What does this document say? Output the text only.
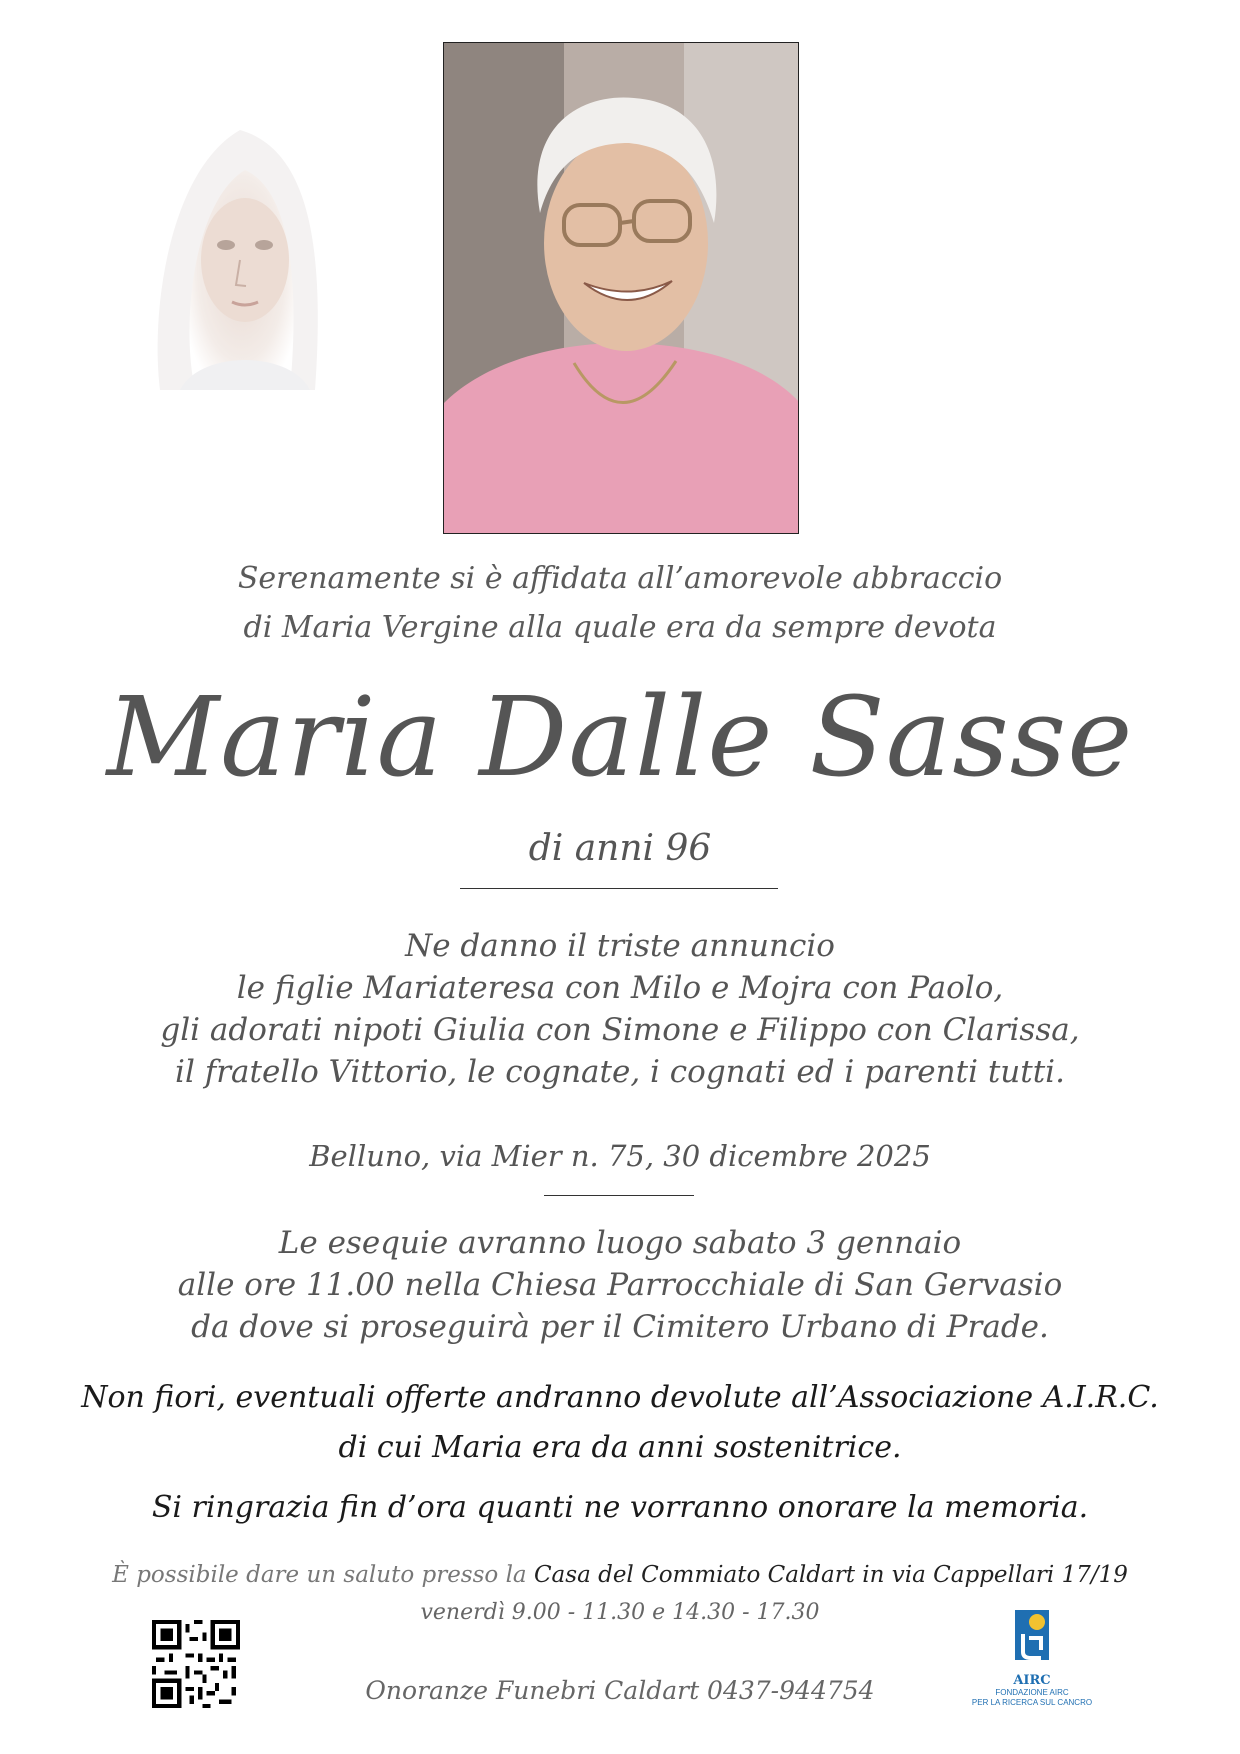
Serenamente si è affidata all’amorevole abbraccio
di Maria Vergine alla quale era da sempre devota
Maria Dalle Sasse
di anni 96
Ne danno il triste annuncio
le figlie Mariateresa con Milo e Mojra con Paolo,
gli adorati nipoti Giulia con Simone e Filippo con Clarissa,
il fratello Vittorio, le cognate, i cognati ed i parenti tutti.
Belluno, via Mier n. 75, 30 dicembre 2025
Le esequie avranno luogo sabato 3 gennaio
alle ore 11.00 nella Chiesa Parrocchiale di San Gervasio
da dove si proseguirà per il Cimitero Urbano di Prade.
Non fiori, eventuali offerte andranno devolute all’Associazione A.I.R.C.
di cui Maria era da anni sostenitrice.
Si ringrazia fin d’ora quanti ne vorranno onorare la memoria.
È possibile dare un saluto presso la Casa del Commiato Caldart in via Cappellari 17/19
venerdì 9.00 - 11.30 e 14.30 - 17.30
Onoranze Funebri Caldart 0437-944754	AIRC
FONDAZIONE AIRC
PER LA RICERCA SUL CANCRO
